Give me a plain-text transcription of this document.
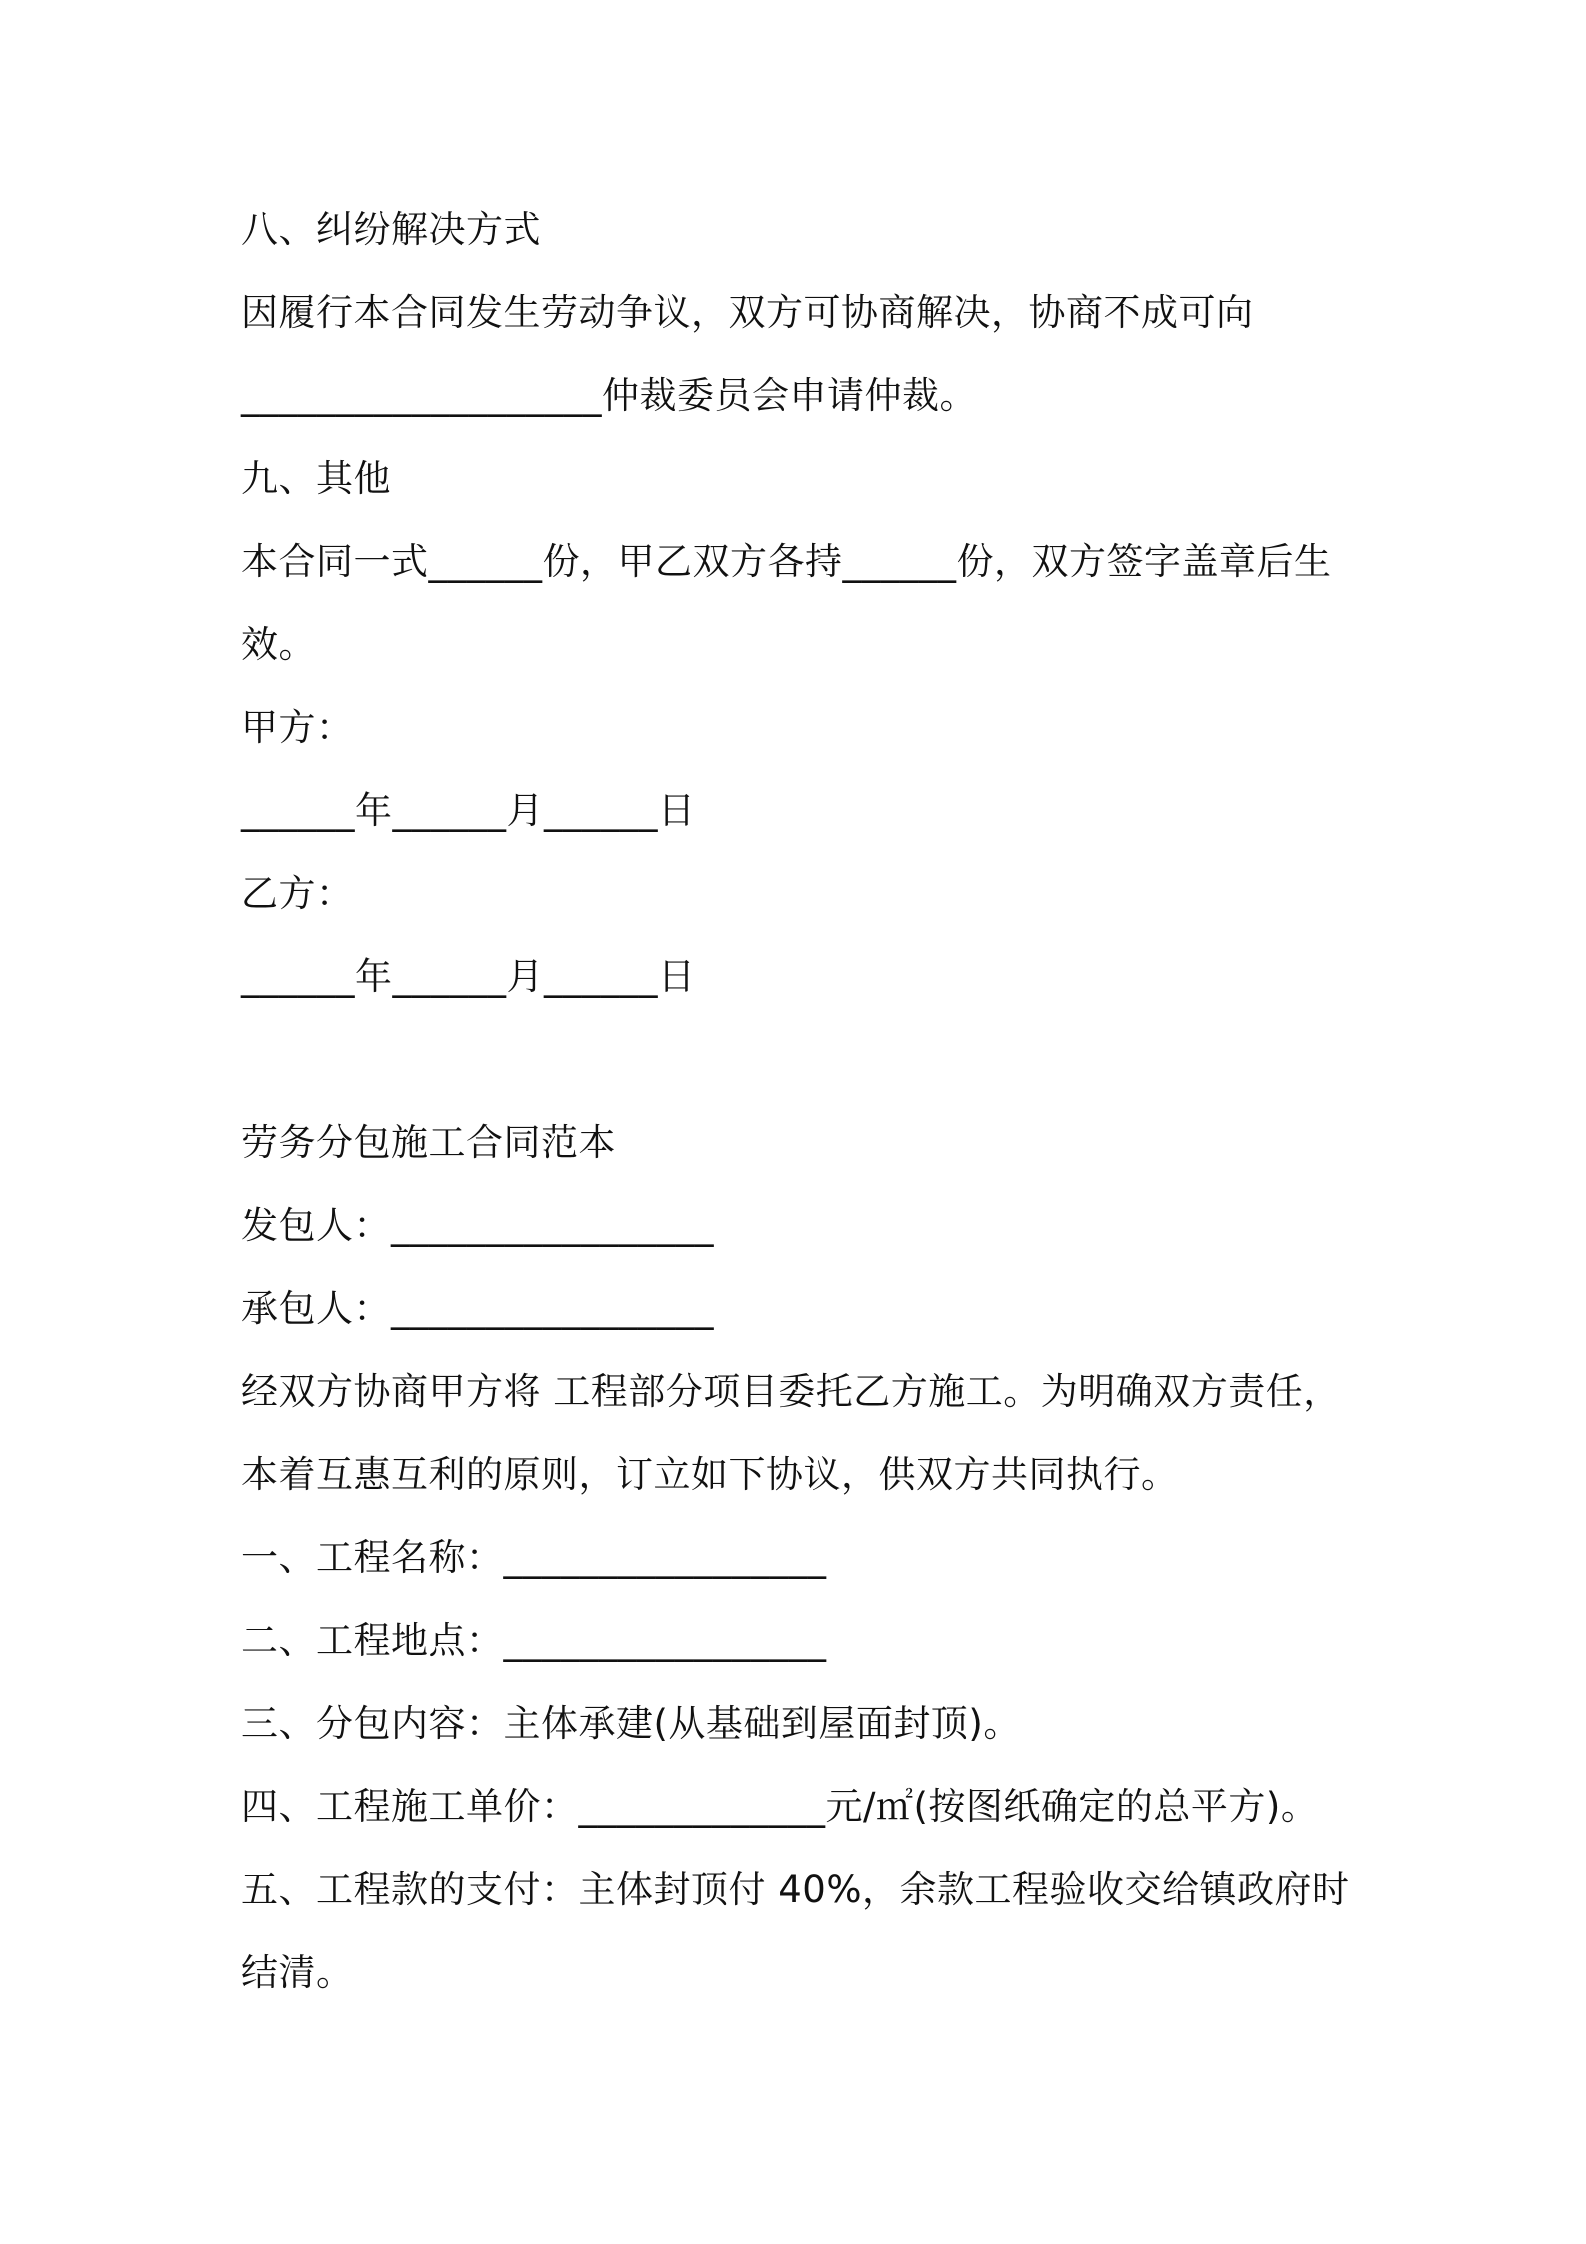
八、纠纷解决方式
因履行本合同发生劳动争议，双方可协商解决，协商不成可向
___________________仲裁委员会申请仲裁。
九、其他
本合同一式______份，甲乙双方各持______份，双方签字盖章后生
效。
甲方：
______年______月______日
乙方：
______年______月______日
劳务分包施工合同范本
发包人：_________________
承包人：_________________
经双方协商甲方将 工程部分项目委托乙方施工。为明确双方责任，
本着互惠互利的原则，订立如下协议，供双方共同执行。
一、工程名称：_________________
二、工程地点：_________________
三、分包内容：主体承建(从基础到屋面封顶)。
四、工程施工单价：_____________元/㎡(按图纸确定的总平方)。
五、工程款的支付：主体封顶付 40%，余款工程验收交给镇政府时
结清。
